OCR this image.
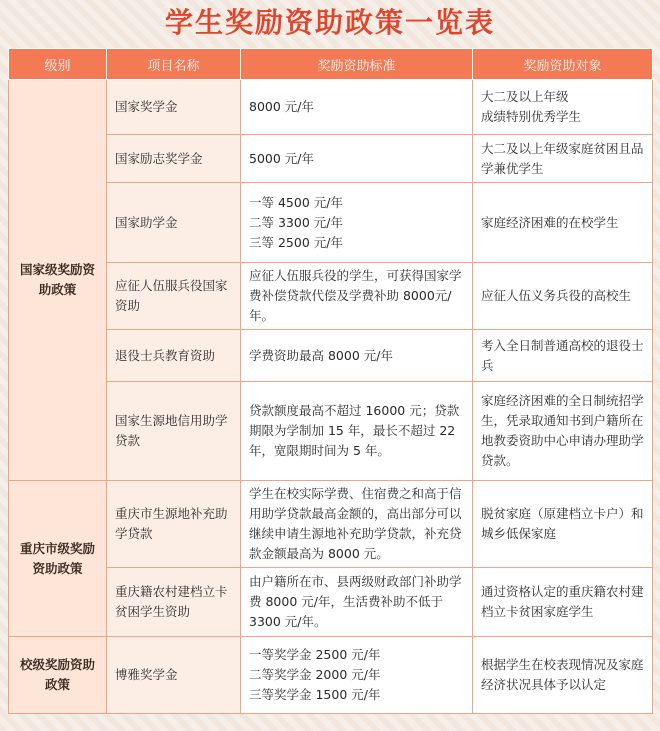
学生奖励资助政策一览表
级别	项目名称	奖励资助标准	奖励资助对象
国家级奖励资助政策	国家奖学金	8000 元/年	大二及以上年级
成绩特别优秀学生

	国家励志奖学金	5000 元/年	大二及以上年级家庭贫困且品学兼优学生

	国家助学金	一等 4500 元/年
二等 3300 元/年
三等 2500 元/年	家庭经济困难的在校学生

	应征人伍服兵役国家资助	应征人伍服兵役的学生，可获得国家学费补偿贷款代偿及学费补助 8000元/年。	应征人伍义务兵役的高校生

	退役士兵教育资助	学费资助最高 8000 元/年	考入全日制普通高校的退役士兵

	国家生源地信用助学贷款	贷款额度最高不超过 16000 元；贷款期限为学制加 15 年，最长不超过 22年，宽限期时间为 5 年。	家庭经济困难的全日制统招学生，凭录取通知书到户籍所在地教委资助中心申请办理助学贷款。

重庆市级奖励资助政策	重庆市生源地补充助学贷款	学生在校实际学费、住宿费之和高于信用助学贷款最高金额的，高出部分可以继续申请生源地补充助学贷款，补充贷款金额最高为 8000 元。	脱贫家庭（原建档立卡户）和城乡低保家庭

	重庆籍农村建档立卡贫困学生资助	由户籍所在市、县两级财政部门补助学费 8000 元/年，生活费补助不低于 3300 元/年。	通过资格认定的重庆籍农村建档立卡贫困家庭学生

校级奖励资助政策	博雅奖学金	一等奖学金 2500 元/年
二等奖学金 2000 元/年
三等奖学金 1500 元/年	根据学生在校表现情况及家庭经济状况具体予以认定
